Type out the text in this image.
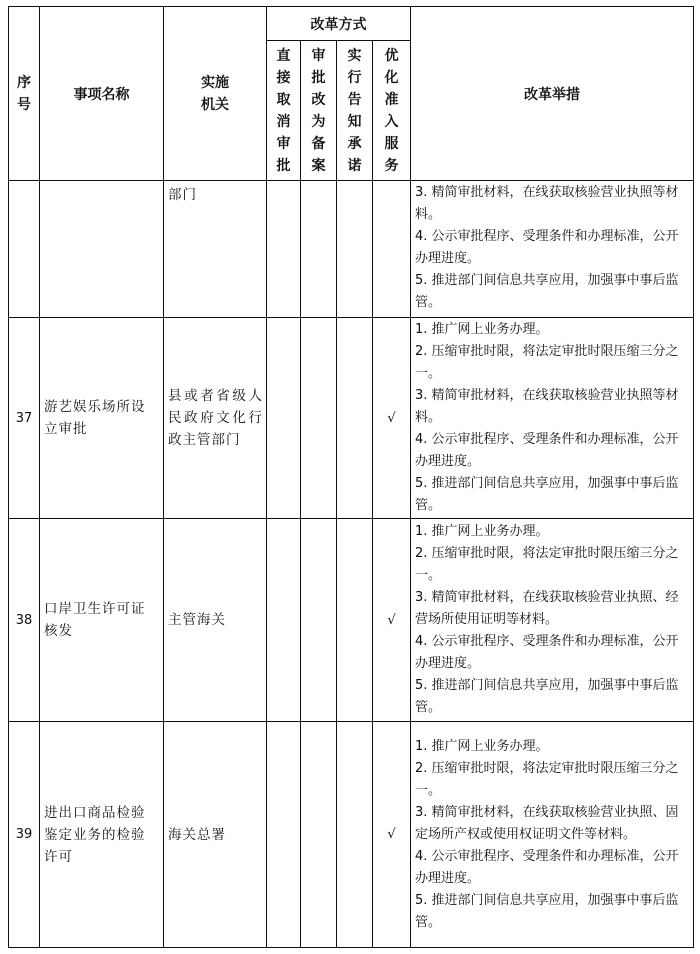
序号	事项名称	实施机关	改革方式				改革举措

			直接取消审批	审批改为备案	实行告知承诺	优化准入服务	

		部门					3. 精简审批材料，在线获取核验营业执照等材料。
4. 公示审批程序、受理条件和办理标准，公开办理进度。
5. 推进部门间信息共享应用，加强事中事后监管。

37	游艺娱乐场所设立审批	县或者省级人民政府文化行政主管部门				√	1. 推广网上业务办理。
2. 压缩审批时限，将法定审批时限压缩三分之一。
3. 精简审批材料，在线获取核验营业执照等材料。
4. 公示审批程序、受理条件和办理标准，公开办理进度。
5. 推进部门间信息共享应用，加强事中事后监管。

38	口岸卫生许可证核发	主管海关				√	1. 推广网上业务办理。
2. 压缩审批时限，将法定审批时限压缩三分之一。
3. 精简审批材料，在线获取核验营业执照、经营场所使用证明等材料。
4. 公示审批程序、受理条件和办理标准，公开办理进度。
5. 推进部门间信息共享应用，加强事中事后监管。

39	进出口商品检验鉴定业务的检验许可	海关总署				√	1. 推广网上业务办理。
2. 压缩审批时限，将法定审批时限压缩三分之一。
3. 精简审批材料，在线获取核验营业执照、固定场所产权或使用权证明文件等材料。
4. 公示审批程序、受理条件和办理标准，公开办理进度。
5. 推进部门间信息共享应用，加强事中事后监管。
